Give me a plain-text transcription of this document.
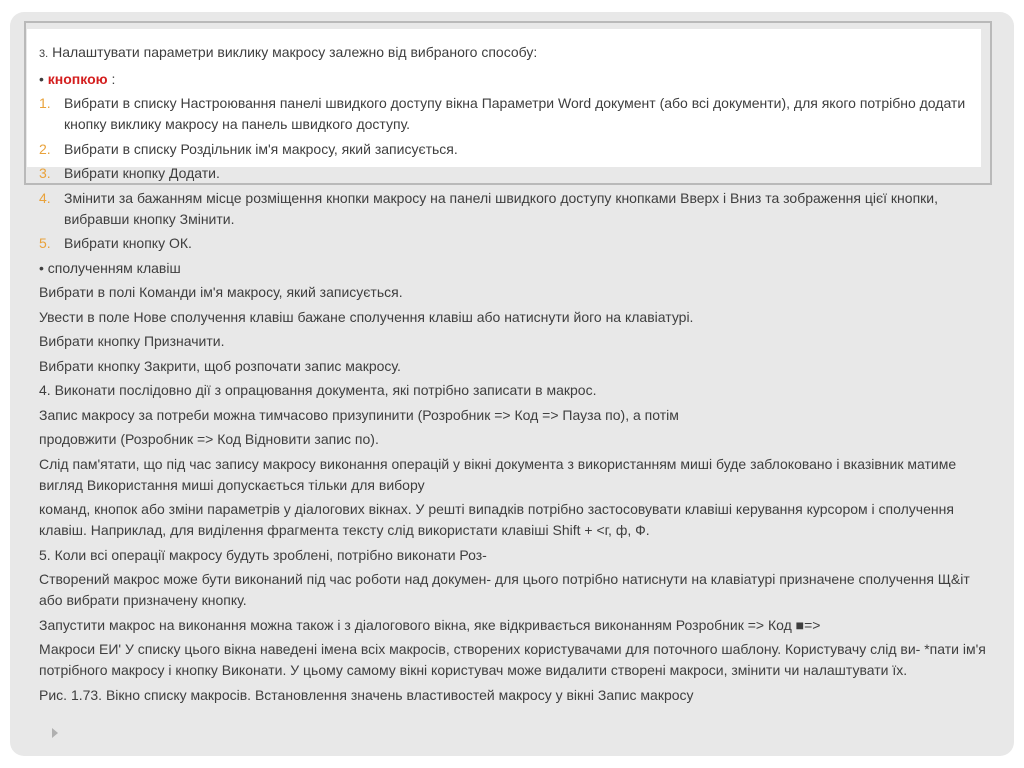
3. Налаштувати параметри виклику макросу залежно від вибраного способу:

• кнопкою :

1. Вибрати в списку Настроювання панелі швидкого доступу вікна Параметри Word документ (або всі документи), для якого потрібно додати кнопку виклику макросу на панель швидкого доступу.
2. Вибрати в списку Роздільник ім'я макросу, який записується.
3. Вибрати кнопку Додати.
4. Змінити за бажанням місце розміщення кнопки макросу на панелі швидкого доступу кнопками Вверх і Вниз та зображення цієї кнопки, вибравши кнопку Змінити.
5. Вибрати кнопку ОК.

• сполученням клавіш

Вибрати в полі Команди ім'я макросу, який записується.

Увести в поле Нове сполучення клавіш бажане сполучення клавіш або натиснути його на клавіатурі.

Вибрати кнопку Призначити.

Вибрати кнопку Закрити, щоб розпочати запис макросу.

4. Виконати послідовно дії з опрацювання документа, які потрібно записати в макрос.

Запис макросу за потреби можна тимчасово призупинити (Розробник => Код => Пауза по), а потім

продовжити (Розробник => Код Відновити запис по).

Слід пам'ятати, що під час запису макросу виконання операцій у вікні документа з використанням миші буде заблоковано і вказівник матиме вигляд Використання миші допускається тільки для вибору

команд, кнопок або зміни параметрів у діалогових вікнах. У решті випадків потрібно застосовувати клавіші керування курсором і сполучення клавіш. Наприклад, для виділення фрагмента тексту слід використати клавіші Shift + <г, ф, Ф.

5. Коли всі операції макросу будуть зроблені, потрібно виконати Роз-

Створений макрос може бути виконаний під час роботи над докумен- для цього потрібно натиснути на клавіатурі призначене сполучення Щ&іт або вибрати призначену кнопку.

Запустити макрос на виконання можна також і з діалогового вікна, яке відкривається виконанням Розробник => Код ■=>

Макроси ЕИ' У списку цього вікна наведені імена всіх макросів, створених користувачами для поточного шаблону. Користувачу слід ви- *пати ім'я потрібного макросу і кнопку Виконати. У цьому самому вікні користувач може видалити створені макроси, змінити чи налаштувати їх.

Рис. 1.73. Вікно списку макросів. Встановлення значень властивостей макросу у вікні Запис макросу
